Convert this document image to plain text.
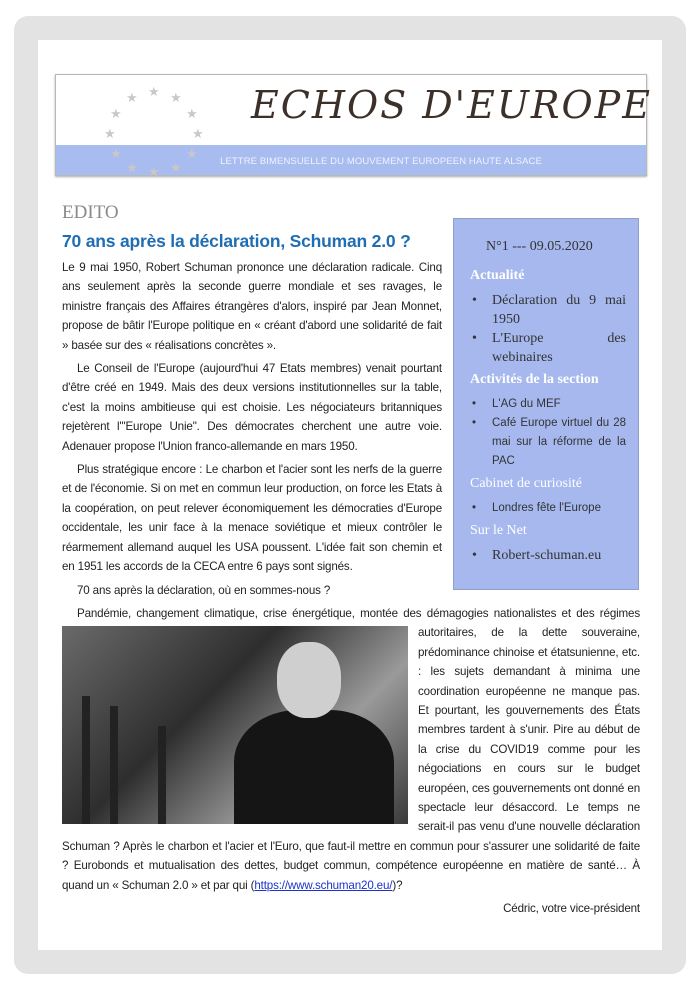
LETTRE BIMENSUELLE DU MOUVEMENT EUROPEEN HAUTE ALSACE
★
★ ★
★	★
★	★
★	★
★ ★ ★
ECHOS D'EUROPE
EDITO
70 ans après la déclaration, Schuman 2.0 ?	N°1 --- 09.05.2020
Actualité
• Déclaration du 9 mai 1950
• L'Europe des webinaires
Activités de la section
• L'AG du MEF
• Café Europe virtuel du 28 mai sur la réforme de la PAC
Cabinet de curiosité
• Londres fête l'Europe
Sur le Net
• Robert-schuman.eu

Le 9 mai 1950, Robert Schuman prononce une déclaration radicale. Cinq ans seulement après la seconde guerre mondiale et ses ravages, le ministre français des Affaires étrangères d'alors, inspiré par Jean Monnet, propose de bâtir l'Europe politique en « créant d'abord une solidarité de fait » basée sur des « réalisations concrètes ».

Le Conseil de l'Europe (aujourd'hui 47 Etats membres) venait pourtant d'être créé en 1949. Mais des deux versions institutionnelles sur la table, c'est la moins ambitieuse qui est choisie. Les négociateurs britanniques rejetèrent l'"Europe Unie". Des démocrates cherchent une autre voie. Adenauer propose l'Union franco-allemande en mars 1950.

Plus stratégique encore : Le charbon et l'acier sont les nerfs de la guerre et de l'économie. Si on met en commun leur production, on force les Etats à la coopération, on peut relever économiquement les démocraties d'Europe occidentale, les unir face à la menace soviétique et mieux contrôler le réarmement allemand auquel les USA poussent. L'idée fait son chemin et en 1951 les accords de la CECA entre 6 pays sont signés.

70 ans après la déclaration, où en sommes-nous ?

Pandémie, changement climatique, crise énergétique, montée des démagogies nationalistes et des régimes autoritaires, de la dette souveraine, prédominance chinoise et étatsunienne, etc. : les sujets demandant à minima une coordination européenne ne manque pas. Et pourtant, les gouvernements des États membres tardent à s'unir. Pire au début de la crise du COVID19 comme pour les négociations en cours sur le budget européen, ces gouvernements ont donné en spectacle leur désaccord. Le temps ne serait-il pas venu d'une nouvelle déclaration Schuman ? Après le charbon et l'acier et l'Euro, que faut-il mettre en commun pour s'assurer une solidarité de faite ? Eurobonds et mutualisation des dettes, budget commun, compétence européenne en matière de santé… À quand un « Schuman 2.0 » et par qui (https://www.schuman20.eu/)?

Cédric, votre vice-président
